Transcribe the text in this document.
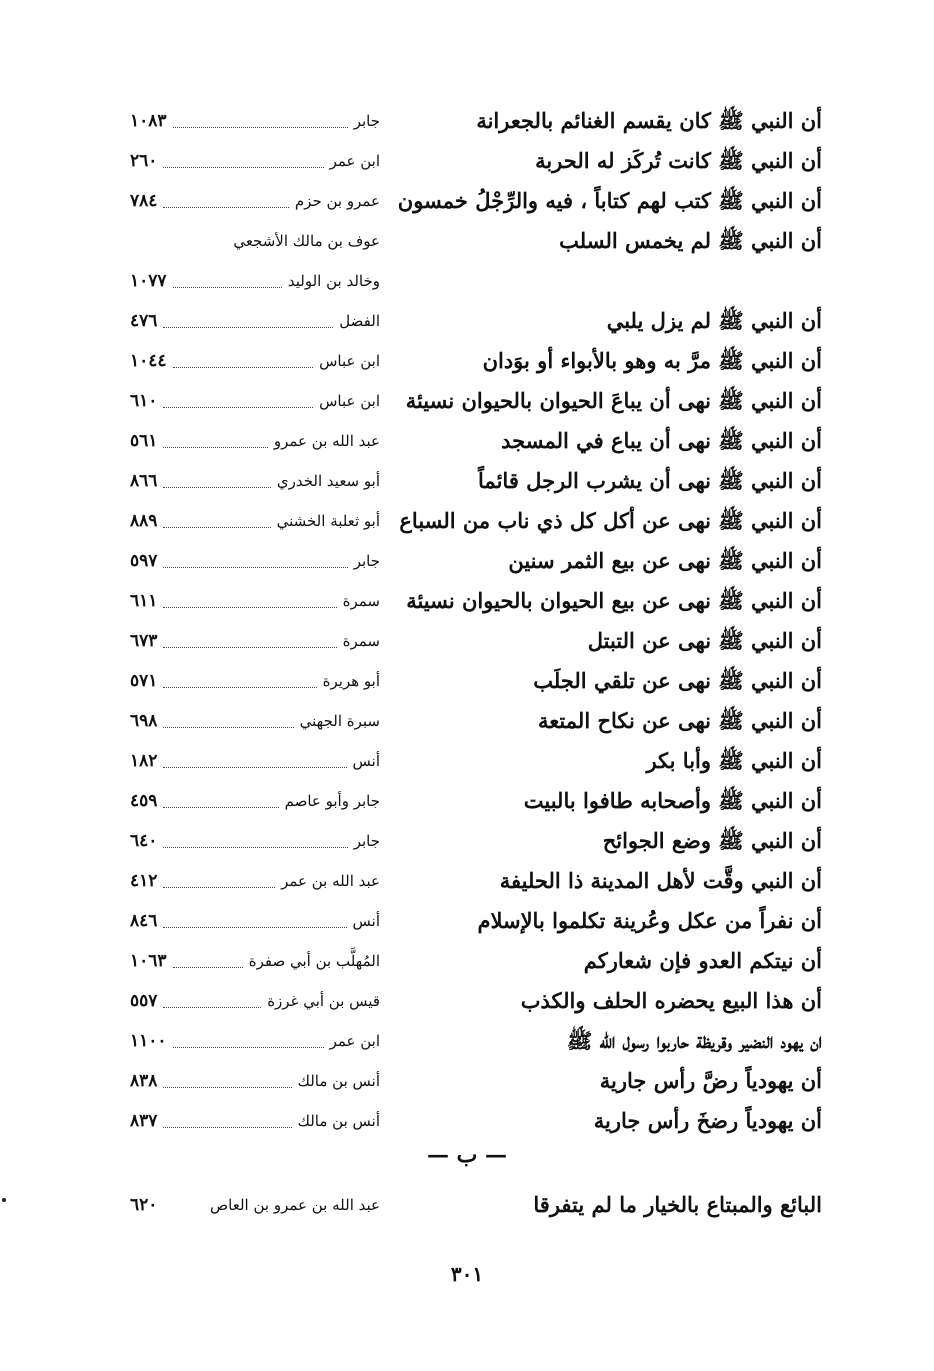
أن النبي ﷺ كان يقسم الغنائم بالجعرانة
جابر
١٠٨٣
أن النبي ﷺ كانت تُركَز له الحربة
ابن عمر
٢٦٠
أن النبي ﷺ كتب لهم كتاباً ، فيه والرِّجْلُ خمسون
عمرو بن حزم
٧٨٤
أن النبي ﷺ لم يخمس السلب
عوف بن مالك الأشجعي
وخالد بن الوليد
١٠٧٧
أن النبي ﷺ لم يزل يلبي
الفضل
٤٧٦
أن النبي ﷺ مرَّ به وهو بالأبواء أو بوَدان
ابن عباس
١٠٤٤
أن النبي ﷺ نهى أن يباعَ الحيوان بالحيوان نسيئة
ابن عباس
٦١٠
أن النبي ﷺ نهى أن يباع في المسجد
عبد الله بن عمرو
٥٦١
أن النبي ﷺ نهى أن يشرب الرجل قائماً
أبو سعيد الخدري
٨٦٦
أن النبي ﷺ نهى عن أكل كل ذي ناب من السباع
أبو ثعلبة الخشني
٨٨٩
أن النبي ﷺ نهى عن بيع الثمر سنين
جابر
٥٩٧
أن النبي ﷺ نهى عن بيع الحيوان بالحيوان نسيئة
سمرة
٦١١
أن النبي ﷺ نهى عن التبتل
سمرة
٦٧٣
أن النبي ﷺ نهى عن تلقي الجلَب
أبو هريرة
٥٧١
أن النبي ﷺ نهى عن نكاح المتعة
سبرة الجهني
٦٩٨
أن النبي ﷺ وأبا بكر
أنس
١٨٢
أن النبي ﷺ وأصحابه طافوا بالبيت
جابر وأبو عاصم
٤٥٩
أن النبي ﷺ وضع الجوائح
جابر
٦٤٠
أن النبي وقَّت لأهل المدينة ذا الحليفة
عبد الله بن عمر
٤١٢
أن نفراً من عكل وعُرينة تكلموا بالإسلام
أنس
٨٤٦
أن نيتكم العدو فإن شعاركم
المُهلَّب بن أبي صفرة
١٠٦٣
أن هذا البيع يحضره الحلف والكذب
قيس بن أبي غرزة
٥٥٧
ان يهود النضير وقريظة حاربوا رسول الله ﷺ
ابن عمر
١١٠٠
أن يهودياً رضَّ رأس جارية
أنس بن مالك
٨٣٨
أن يهودياً رضخَ رأس جارية
أنس بن مالك
٨٣٧
— ب —
البائع والمبتاع بالخيار ما لم يتفرقا
عبد الله بن عمرو بن العاص
٦٢٠
٣٠١
